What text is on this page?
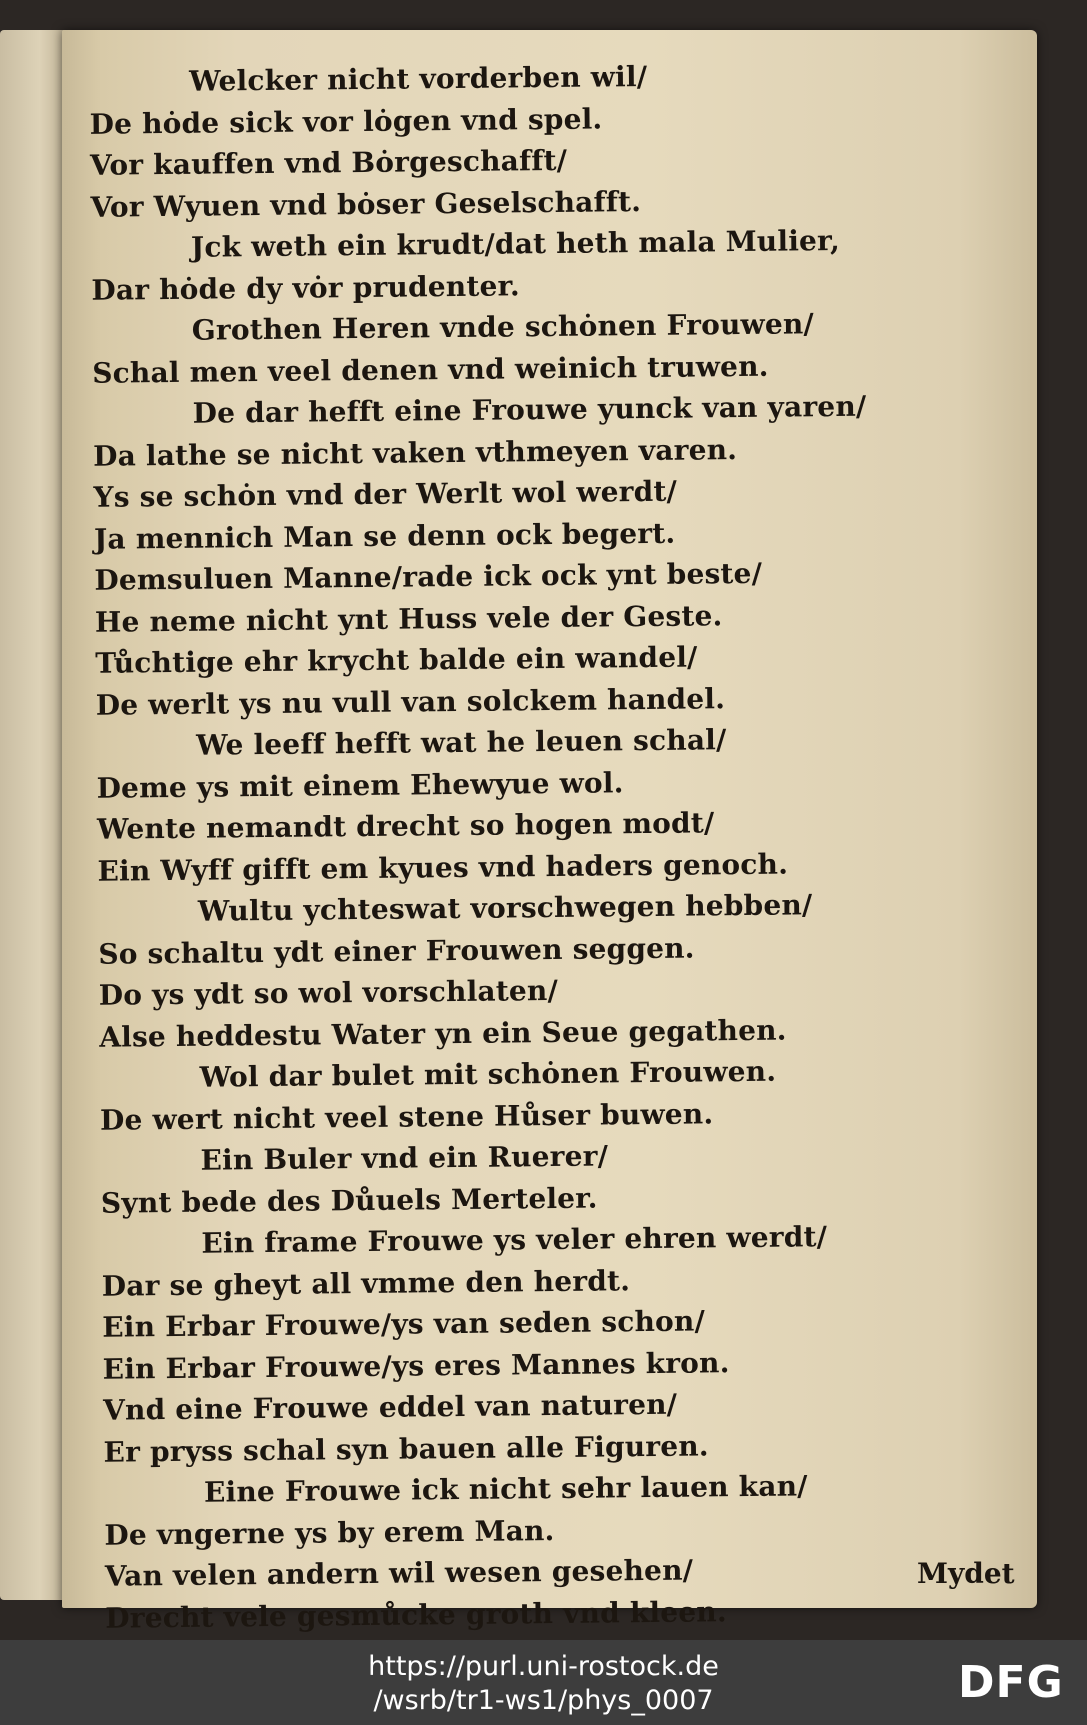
Welcker nicht vorderben wil/
De hȯde sick vor lȯgen vnd spel.
Vor kauffen vnd Bȯrgeschafft/
Vor Wyuen vnd bȯser Geselschafft.
Jck weth ein krudt/dat heth mala Mulier,
Dar hȯde dy vȯr prudenter.
Grothen Heren vnde schȯnen Frouwen/
Schal men veel denen vnd weinich truwen.
De dar hefft eine Frouwe yunck van yaren/
Da lathe se nicht vaken vthmeyen varen.
Ys se schȯn vnd der Werlt wol werdt/
Ja mennich Man se denn ock begert.
Demsuluen Manne/rade ick ock ynt beste/
He neme nicht ynt Huss vele der Geste.
Tůchtige ehr krycht balde ein wandel/
De werlt ys nu vull van solckem handel.
We leeff hefft wat he leuen schal/
Deme ys mit einem Ehewyue wol.
Wente nemandt drecht so hogen modt/
Ein Wyff gifft em kyues vnd haders genoch.
Wultu ychteswat vorschwegen hebben/
So schaltu ydt einer Frouwen seggen.
Do ys ydt so wol vorschlaten/
Alse heddestu Water yn ein Seue gegathen.
Wol dar bulet mit schȯnen Frouwen.
De wert nicht veel stene Hůser buwen.
Ein Buler vnd ein Ruerer/
Synt bede des Důuels Merteler.
Ein frame Frouwe ys veler ehren werdt/
Dar se gheyt all vmme den herdt.
Ein Erbar Frouwe/ys van seden schon/
Ein Erbar Frouwe/ys eres Mannes kron.
Vnd eine Frouwe eddel van naturen/
Er pryss schal syn bauen alle Figuren.
Eine Frouwe ick nicht sehr lauen kan/
De vngerne ys by erem Man.
Van velen andern wil wesen gesehen/
Drecht vele gesmůcke groth vnd kleen.
Mydet
https://purl.uni-rostock.de
/wsrb/tr1-ws1/phys_0007	DFG
